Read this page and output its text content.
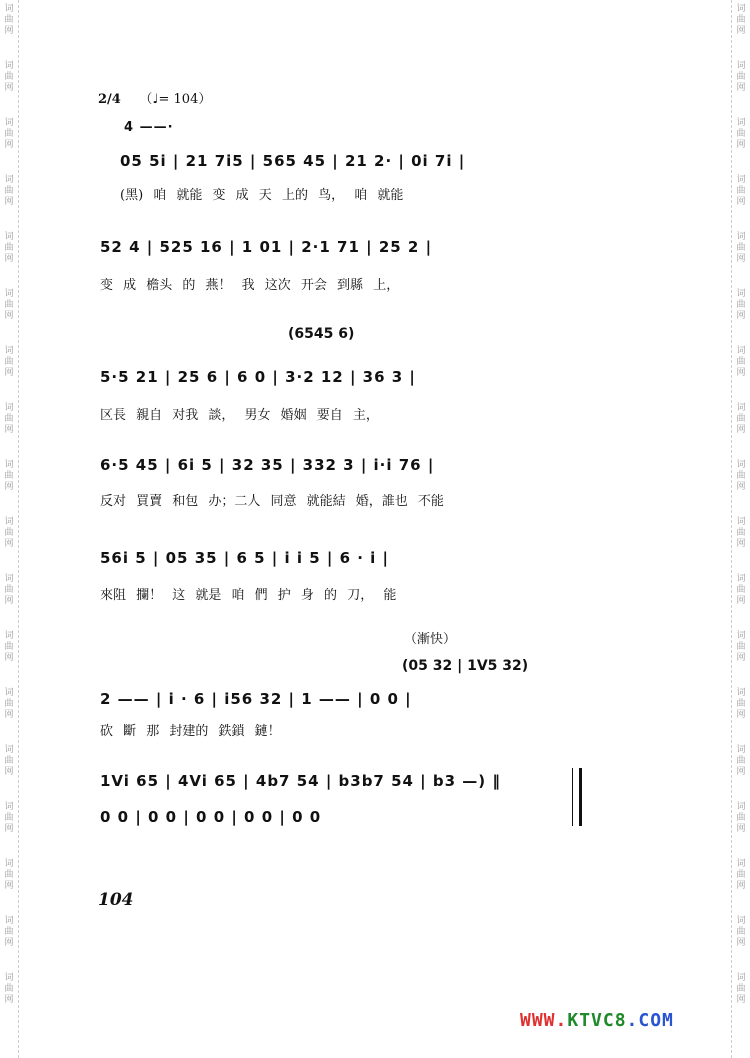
词
曲
网
词
曲
网
词
曲
网
词
曲
网
词
曲
网
词
曲
网
词
曲
网
词
曲
网
词
曲
网
词
曲
网
词
曲
网
词
曲
网
词
曲
网
词
曲
网
词
曲
网
词
曲
网
词
曲
网
词
曲
网
词
曲
网
词
曲
网
词
曲
网
词
曲
网
词
曲
网
词
曲
网
词
曲
网
词
曲
网
词
曲
网
词
曲
网
词
曲
网
词
曲
网
词
曲
网
词
曲
网
词
曲
网
词
曲
网
词
曲
网
词
曲
网
2/4 （♩= 104）
4 ——·
05 5i | 21 7i5 | 565 45 | 21 2· | 0i 7i |
(黑) 咱 就能 变 成 天 上的 鸟， 咱 就能
52 4 | 525 16 | 1 01 | 2·1 71 | 25 2 |
变 成 檐头 的 燕！ 我 这次 开会 到縣 上，
(6545 6)
5·5 21 | 25 6 | 6 0 | 3·2 12 | 36 3 |
区長 親自 对我 談， 男女 婚姻 要自 主，
6·5 45 | 6i 5 | 32 35 | 332 3 | i·i 76 |
反对 買賣 和包 办；二人 同意 就能結 婚，誰也 不能
56i 5 | 05 35 | 6 5 | i i 5 | 6 · i |
來阻 攔！ 这 就是 咱 們 护 身 的 刀， 能
（漸快）
(05 32 | 1V5 32)
2 —— | i · 6 | i56 32 | 1 —— | 0 0 |
砍 斷 那 封建的 鉄鎖 鏈！
1Vi 65 | 4Vi 65 | 4b7 54 | b3b7 54 | b3 —) ‖
0 0 | 0 0 | 0 0 | 0 0 | 0 0
104
WWW.KTVC8.COM
